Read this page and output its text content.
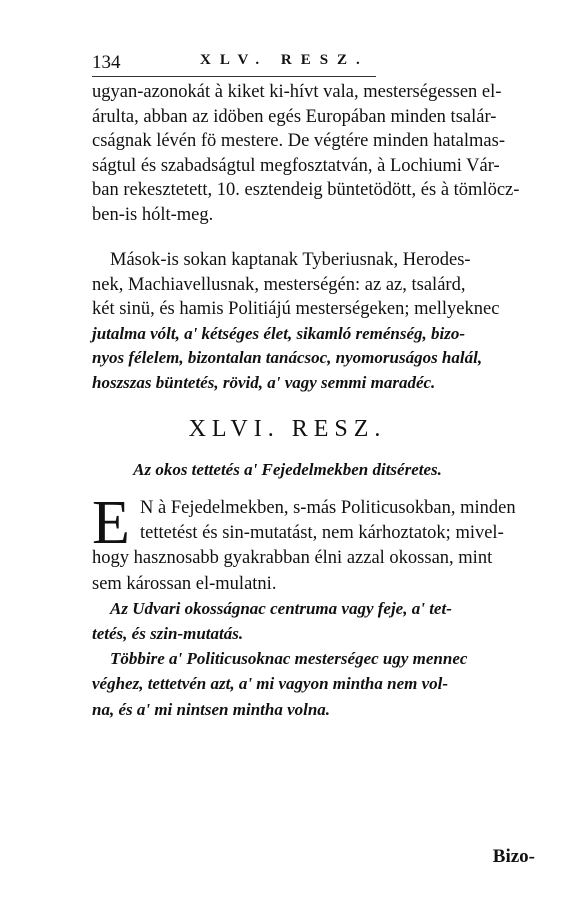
134	XLV. RESZ.
ugyan-azonokát à kiket ki-hívt vala, mesterségessen el-
árulta, abban az idöben egés Europában minden tsalár-
cságnak lévén fö mestere. De végtére minden hatalmas-
ságtul és szabadságtul megfosztatván, à Lochiumi Vár-
ban rekesztetett, 10. esztendeig büntetödött, és à tömlöcz-
ben-is hólt-meg.
Mások-is sokan kaptanak Tyberiusnak, Herodes-
nek, Machiavellusnak, mesterségén: az az, tsalárd,
két sinü, és hamis Politiájú mesterségeken; mellyeknec
jutalma vólt, a' kétséges élet, sikamló reménség, bizo-
nyos félelem, bizontalan tanácsoc, nyomoruságos halál,
hoszszas büntetés, rövid, a' vagy semmi maradéc.
XLVI. RESZ.
Az okos tettetés a' Fejedelmekben ditséretes.
E N à Fejedelmekben, s-más Politicusokban, minden
tettetést és sin-mutatást, nem kárhoztatok; mivel-
hogy hasznosabb gyakrabban élni azzal okossan, mint
sem károssan el-mulatni.
Az Udvari okosságnac centruma vagy feje, a' tet-
tetés, és szin-mutatás.
Többire a' Politicusoknac mesterségec ugy mennec
véghez, tettetvén azt, a' mi vagyon mintha nem vol-
na, és a' mi nintsen mintha volna.
Bizo-
